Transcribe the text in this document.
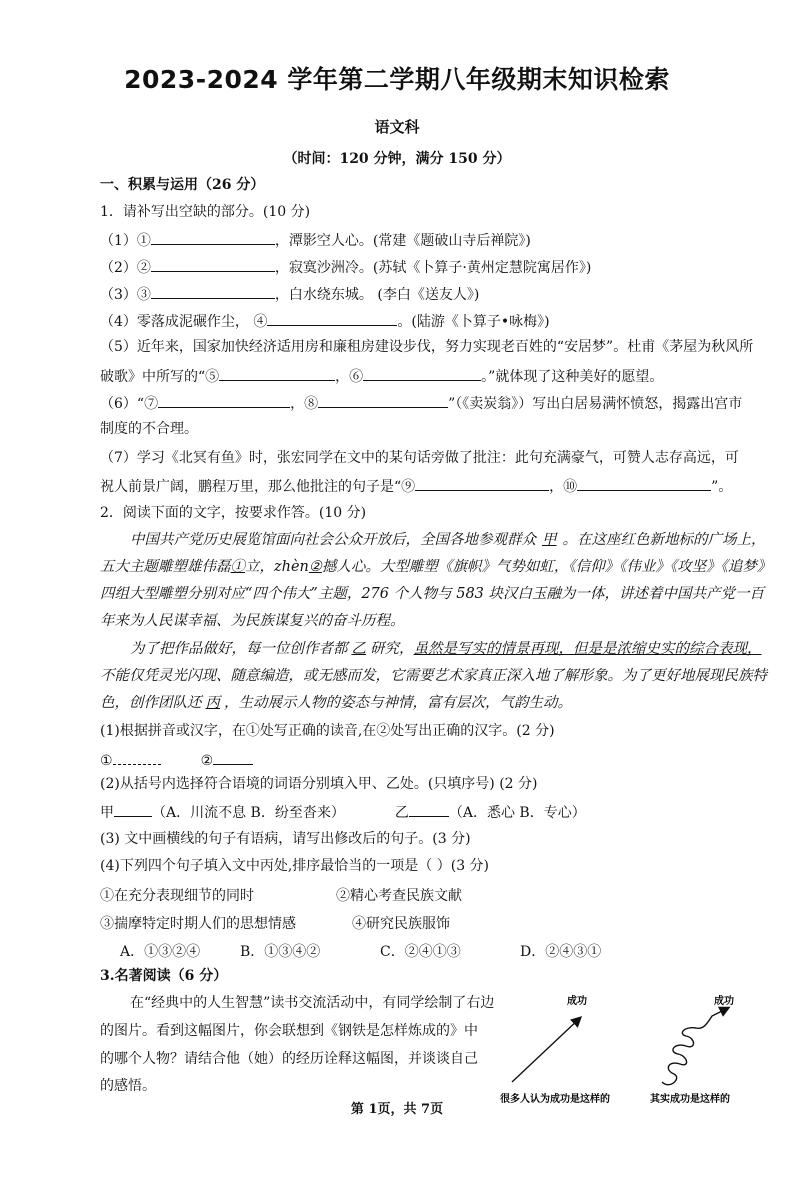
2023-2024 学年第二学期八年级期末知识检索
语文科
（时间：120 分钟，满分 150 分）
一、积累与运用（26 分）
1．请补写出空缺的部分。(10 分)
（1）①	，潭影空人心。(常建《题破山寺后禅院》)
（2）②	，寂寞沙洲冷。(苏轼《卜算子·黄州定慧院寓居作》)
（3）③	，白水绕东城。 (李白《送友人》)
（4）零落成泥碾作尘， ④	。(陆游《卜算子•咏梅》)
（5）近年来，国家加快经济适用房和廉租房建设步伐，努力实现老百姓的“安居梦”。杜甫《茅屋为秋风所
破歌》中所写的“⑤	，⑥	。”就体现了这种美好的愿望。
（6）“⑦	，⑧	”（《卖炭翁》）写出白居易满怀愤怒，揭露出宫市
制度的不合理。
（7）学习《北冥有鱼》时，张宏同学在文中的某句话旁做了批注：此句充满豪气，可赞人志存高远，可
祝人前景广阔，鹏程万里，那么他批注的句子是“⑨	，⑩	”。
2．阅读下面的文字，按要求作答。(10 分)
中国共产党历史展览馆面向社会公众开放后，全国各地参观群众 甲 。在这座红色新地标的广场上，
五大主题雕塑雄伟磊①立，zhèn②撼人心。大型雕塑《旗帜》气势如虹，《信仰》《伟业》《攻坚》《追梦》
四组大型雕塑分别对应“四个伟大”主题，276 个人物与 583 块汉白玉融为一体，讲述着中国共产党一百
年来为人民谋幸福、为民族谋复兴的奋斗历程。
为了把作品做好，每一位创作者都 乙 研究，虽然是写实的情景再现，但是是浓缩史实的综合表现，
不能仅凭灵光闪现、随意编造，或无感而发，它需要艺术家真正深入地了解形象。为了更好地展现民族特
色，创作团队还 丙 ，生动展示人物的姿态与神情，富有层次，气韵生动。
(1)根据拼音或汉字，在①处写正确的读音,在②处写出正确的汉字。(2 分)
①	②
(2)从括号内选择符合语境的词语分别填入甲、乙处。(只填序号) (2 分)
甲	（A．川流不息 B．纷至沓来）	乙	（A．悉心 B．专心）
(3) 文中画横线的句子有语病，请写出修改后的句子。(3 分)
(4)下列四个句子填入文中丙处,排序最恰当的一项是（ ）(3 分)
①在充分表现细节的同时	②精心考查民族文献
③揣摩特定时期人们的思想情感	④研究民族服饰
A．①③②④	B．①③④②	C．②④①③	D．②④③①
3.名著阅读（6 分）
在“经典中的人生智慧”读书交流活动中，有同学绘制了右边
的图片。看到这幅图片，你会联想到《钢铁是怎样炼成的》中
的哪个人物？请结合他（她）的经历诠释这幅图，并谈谈自己
的感悟。
成功
很多人认为成功是这样的
成功
其实成功是这样的
第 1页，共 7页
